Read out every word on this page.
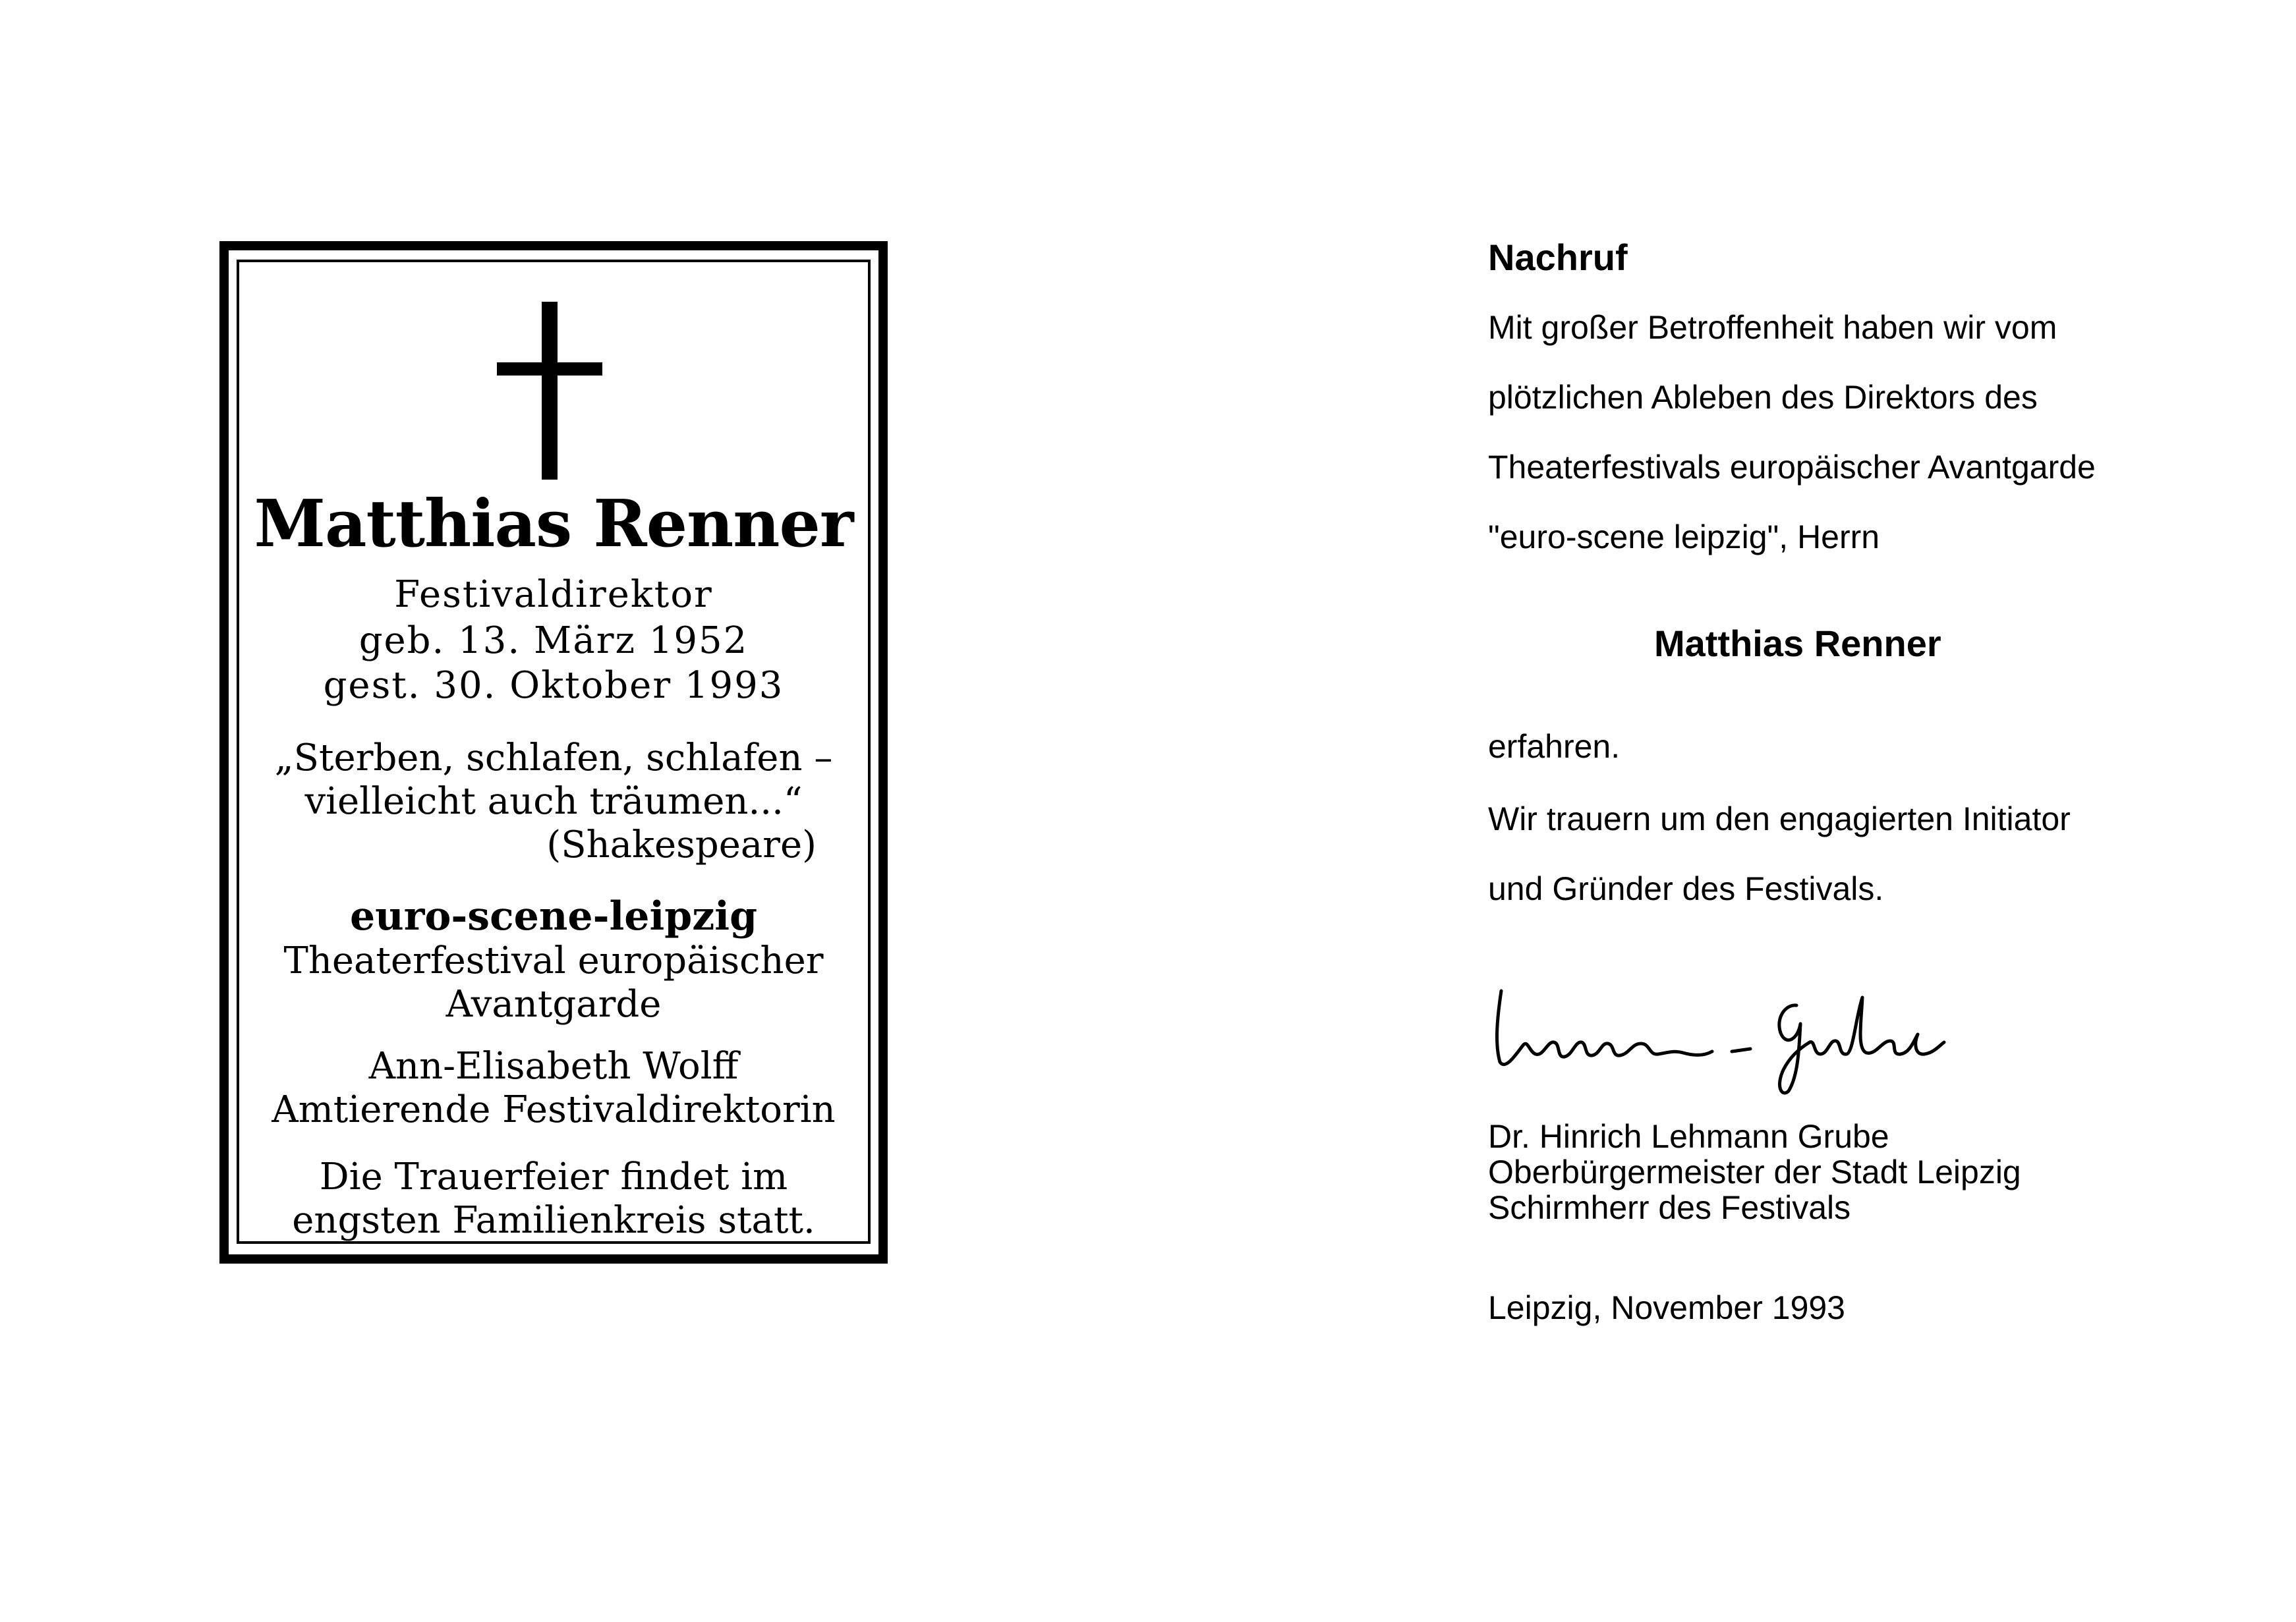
Matthias Renner
Festivaldirektor
geb. 13. März 1952
gest. 30. Oktober 1993
„Sterben, schlafen, schlafen –
vielleicht auch träumen...“
(Shakespeare)
euro-scene-leipzig
Theaterfestival europäischer
Avantgarde
Ann-Elisabeth Wolff
Amtierende Festivaldirektorin
Die Trauerfeier findet im
engsten Familienkreis statt.
Nachruf
Mit großer Betroffenheit haben wir vom
plötzlichen Ableben des Direktors des
Theaterfestivals europäischer Avantgarde
"euro-scene leipzig", Herrn
Matthias Renner
erfahren.
Wir trauern um den engagierten Initiator
und Gründer des Festivals.
Dr. Hinrich Lehmann Grube
Oberbürgermeister der Stadt Leipzig
Schirmherr des Festivals
Leipzig, November 1993
